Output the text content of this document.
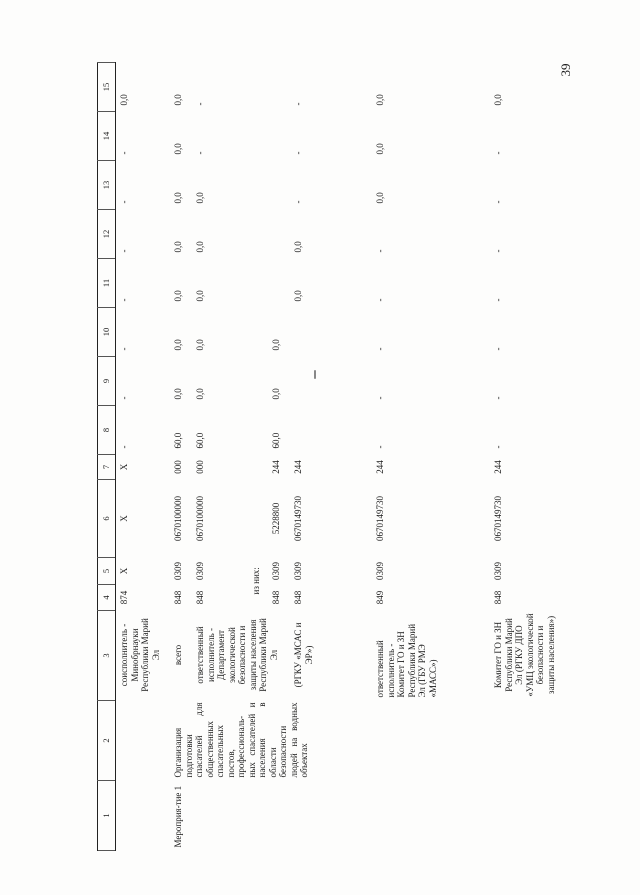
39
1	2	3	4	5	6	7	8	9	10	11	12	13	14	15
		соисполнитель - Минобрнауки Республики Марий Эл	874	X	X	X	-	-	-	-	-	-	-	0,0
Мероприя-тие 1	Организация подготовки спасателей для общественных спасательных постов, профессиональ-ных спасателей и населения в области безопасности людей на водных объектах	всего	848	0309	0670100000	000	60,0	0,0	0,0	0,0	0,0	0,0	0,0	0,0
		ответственный исполнитель - Департамент экологической безопасности и защиты населения Республики Марий Эл	848	0309	0670100000	000	60,0	0,0	0,0	0,0	0,0	0,0	-	-
			из них:											
			848	0309	5228800	244	60,0	0,0	0,0					
		(РГКУ «МСАС и ЭР»)	848	0309	0670149730	244				0,0	0,0	-	-	-
		ответственный исполнитель - Комитет ГО и ЗН Республики Марий Эл (ГБУ РМЭ «МАСС»)	849	0309	0670149730	244	-	-	-	-	-	0,0	0,0	0,0
		Комитет ГО и ЗН Республики Марий Эл (РГКУ ДПО «УМЦ экологической безопасности и защиты населения»)	848	0309	0670149730	244	-	-	-	-	-	-	-	0,0
